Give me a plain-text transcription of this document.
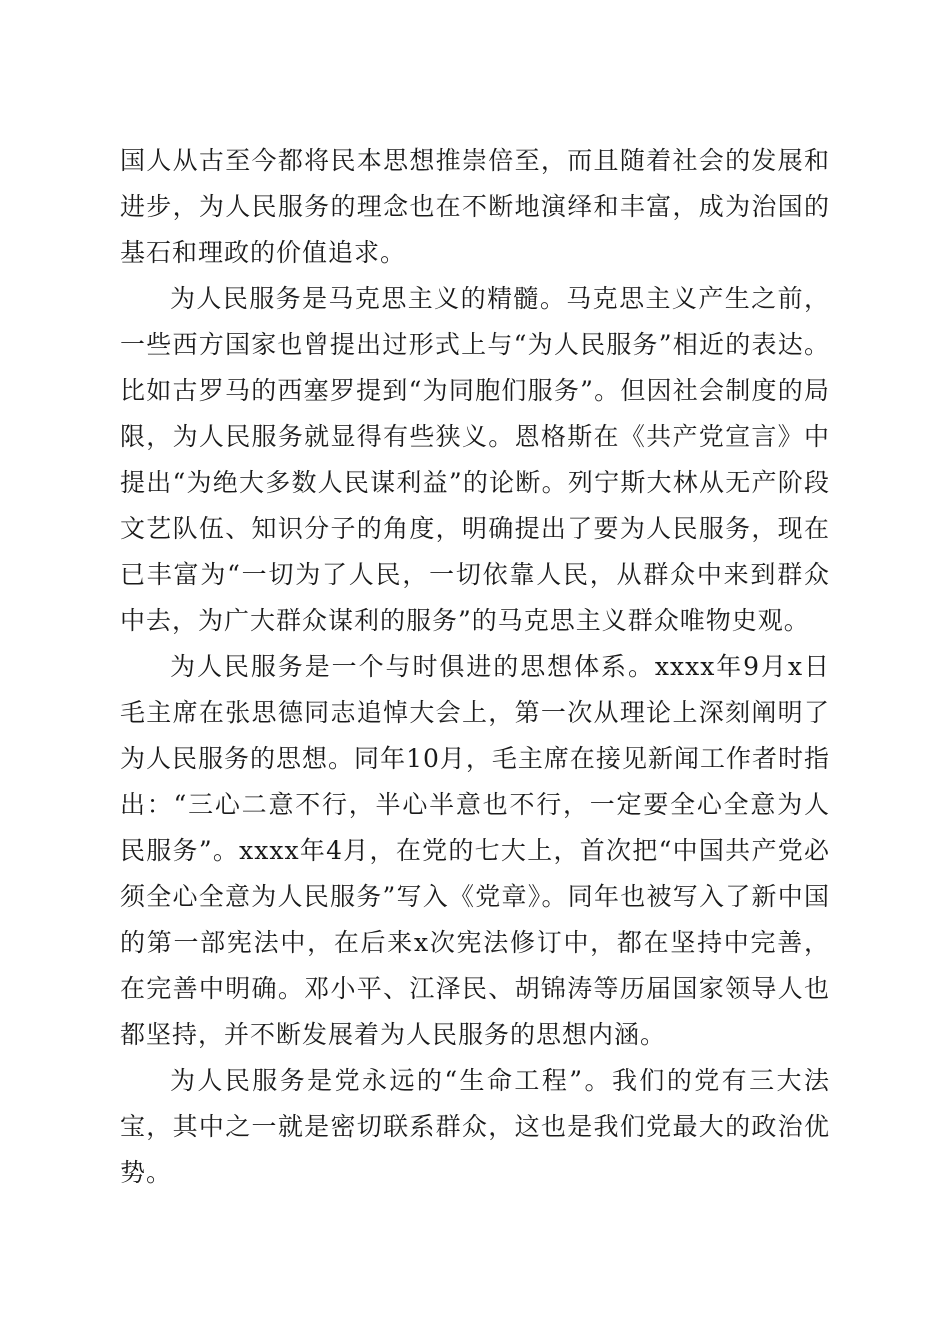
国人从古至今都将民本思想推崇倍至，而且随着社会的发展和进步，为人民服务的理念也在不断地演绎和丰富，成为治国的基石和理政的价值追求。

为人民服务是马克思主义的精髓。马克思主义产生之前，一些西方国家也曾提出过形式上与“为人民服务”相近的表达。比如古罗马的西塞罗提到“为同胞们服务”。但因社会制度的局限，为人民服务就显得有些狭义。恩格斯在《共产党宣言》中提出“为绝大多数人民谋利益”的论断。列宁斯大林从无产阶段文艺队伍、知识分子的角度，明确提出了要为人民服务，现在已丰富为“一切为了人民，一切依靠人民，从群众中来到群众中去，为广大群众谋利的服务”的马克思主义群众唯物史观。

为人民服务是一个与时俱进的思想体系。xxxx年9月x日毛主席在张思德同志追悼大会上，第一次从理论上深刻阐明了为人民服务的思想。同年10月，毛主席在接见新闻工作者时指出：“三心二意不行，半心半意也不行，一定要全心全意为人民服务”。xxxx年4月，在党的七大上，首次把“中国共产党必须全心全意为人民服务”写入《党章》。同年也被写入了新中国的第一部宪法中，在后来x次宪法修订中，都在坚持中完善，在完善中明确。邓小平、江泽民、胡锦涛等历届国家领导人也都坚持，并不断发展着为人民服务的思想内涵。

为人民服务是党永远的“生命工程”。我们的党有三大法宝，其中之一就是密切联系群众，这也是我们党最大的政治优势。
